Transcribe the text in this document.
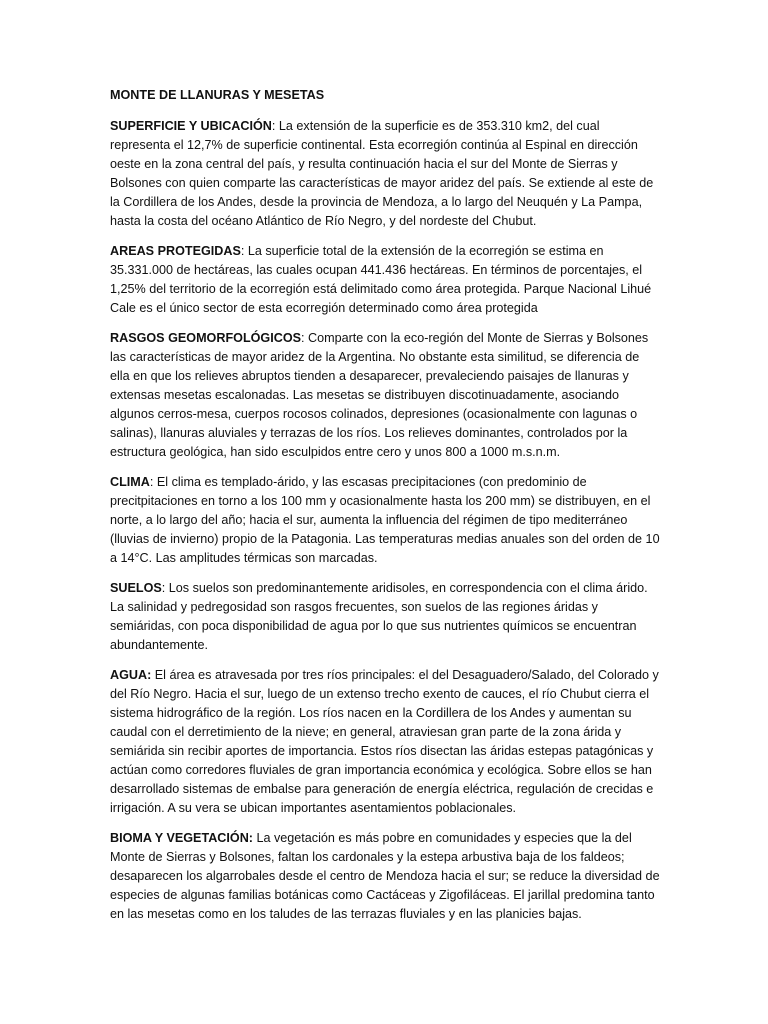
MONTE DE LLANURAS Y MESETAS

SUPERFICIE Y UBICACIÓN: La extensión de la superficie es de 353.310 km2, del cual representa el 12,7% de superficie continental. Esta ecorregión continúa al Espinal en dirección oeste en la zona central del país, y resulta continuación hacia el sur del Monte de Sierras y Bolsones con quien comparte las características de mayor aridez del país. Se extiende al este de la Cordillera de los Andes, desde la provincia de Mendoza, a lo largo del Neuquén y La Pampa, hasta la costa del océano Atlántico de Río Negro, y del nordeste del Chubut.

AREAS PROTEGIDAS: La superficie total de la extensión de la ecorregión se estima en 35.331.000 de hectáreas, las cuales ocupan 441.436 hectáreas. En términos de porcentajes, el 1,25% del territorio de la ecorregión está delimitado como área protegida. Parque Nacional Lihué Cale es el único sector de esta ecorregión determinado como área protegida

RASGOS GEOMORFOLÓGICOS: Comparte con la eco-región del Monte de Sierras y Bolsones las características de mayor aridez de la Argentina. No obstante esta similitud, se diferencia de ella en que los relieves abruptos tienden a desaparecer, prevaleciendo paisajes de llanuras y extensas mesetas escalonadas. Las mesetas se distribuyen discotinuadamente, asociando algunos cerros-mesa, cuerpos rocosos colinados, depresiones (ocasionalmente con lagunas o salinas), llanuras aluviales y terrazas de los ríos. Los relieves dominantes, controlados por la estructura geológica, han sido esculpidos entre cero y unos 800 a 1000 m.s.n.m.

CLIMA: El clima es templado-árido, y las escasas precipitaciones (con predominio de precitpitaciones en torno a los 100 mm y ocasionalmente hasta los 200 mm) se distribuyen, en el norte, a lo largo del año; hacia el sur, aumenta la influencia del régimen de tipo mediterráneo (lluvias de invierno) propio de la Patagonia. Las temperaturas medias anuales son del orden de 10 a 14°C. Las amplitudes térmicas son marcadas.

SUELOS: Los suelos son predominantemente aridisoles, en correspondencia con el clima árido. La salinidad y pedregosidad son rasgos frecuentes, son suelos de las regiones áridas y semiáridas, con poca disponibilidad de agua por lo que sus nutrientes químicos se encuentran abundantemente.

AGUA: El área es atravesada por tres ríos principales: el del Desaguadero/Salado, del Colorado y del Río Negro. Hacia el sur, luego de un extenso trecho exento de cauces, el río Chubut cierra el sistema hidrográfico de la región. Los ríos nacen en la Cordillera de los Andes y aumentan su caudal con el derretimiento de la nieve; en general, atraviesan gran parte de la zona árida y semiárida sin recibir aportes de importancia. Estos ríos disectan las áridas estepas patagónicas y actúan como corredores fluviales de gran importancia económica y ecológica. Sobre ellos se han desarrollado sistemas de embalse para generación de energía eléctrica, regulación de crecidas e irrigación. A su vera se ubican importantes asentamientos poblacionales.

BIOMA Y VEGETACIÓN: La vegetación es más pobre en comunidades y especies que la del Monte de Sierras y Bolsones, faltan los cardonales y la estepa arbustiva baja de los faldeos; desaparecen los algarrobales desde el centro de Mendoza hacia el sur; se reduce la diversidad de especies de algunas familias botánicas como Cactáceas y Zigofiláceas. El jarillal predomina tanto en las mesetas como en los taludes de las terrazas fluviales y en las planicies bajas.
